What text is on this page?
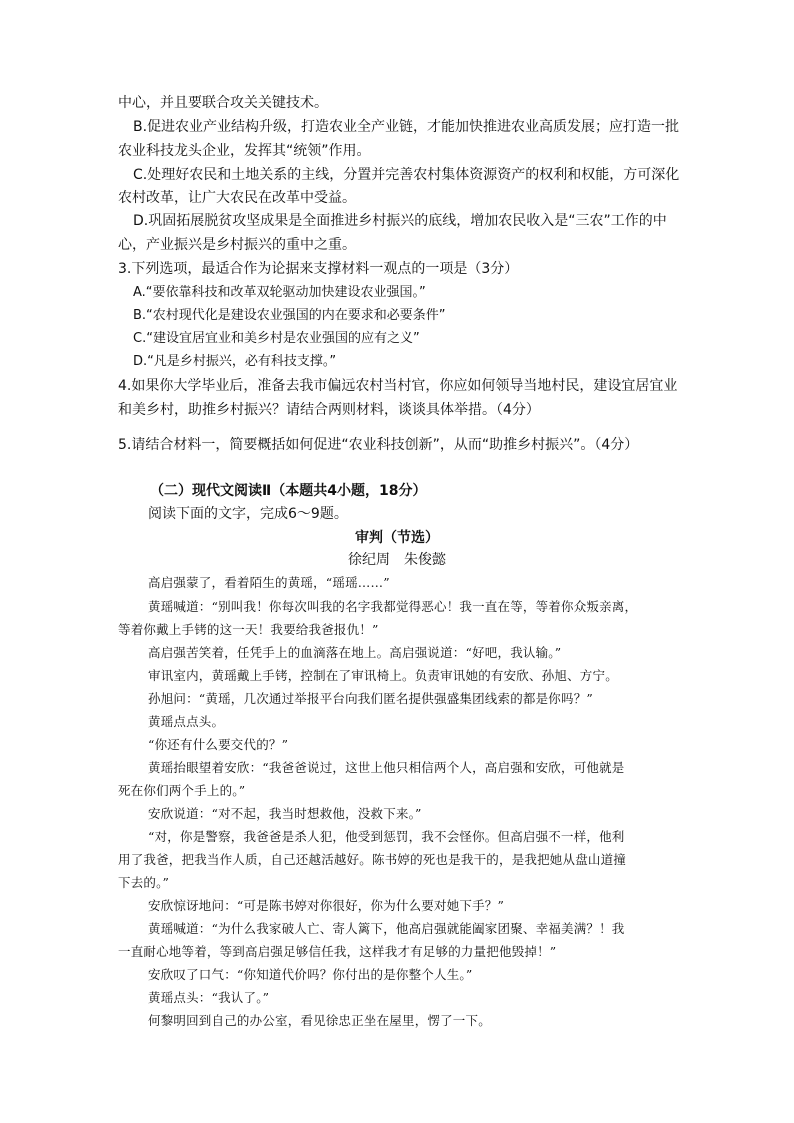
中心，并且要联合攻关关键技术。
B.促进农业产业结构升级，打造农业全产业链，才能加快推进农业高质发展；应打造一批
农业科技龙头企业，发挥其“统领”作用。
C.处理好农民和土地关系的主线，分置并完善农村集体资源资产的权利和权能，方可深化
农村改革，让广大农民在改革中受益。
D.巩固拓展脱贫攻坚成果是全面推进乡村振兴的底线，增加农民收入是“三农”工作的中
心，产业振兴是乡村振兴的重中之重。
3.下列选项，最适合作为论据来支撑材料一观点的一项是（3分）
A.“要依靠科技和改革双轮驱动加快建设农业强国。”
B.“农村现代化是建设农业强国的内在要求和必要条件”
C.“建设宜居宜业和美乡村是农业强国的应有之义”
D.“凡是乡村振兴，必有科技支撑。”
4.如果你大学毕业后，准备去我市偏远农村当村官，你应如何领导当地村民，建设宜居宜业
和美乡村，助推乡村振兴？请结合两则材料，谈谈具体举措。（4分）
5.请结合材料一，简要概括如何促进“农业科技创新”，从而“助推乡村振兴”。（4分）
（二）现代文阅读Ⅱ（本题共4小题，18分）
阅读下面的文字，完成6～9题。
审判（节选）
徐纪周　朱俊懿
高启强蒙了，看着陌生的黄瑶，“瑶瑶……”
黄瑶喊道：“别叫我！你每次叫我的名字我都觉得恶心！我一直在等，等着你众叛亲离，
等着你戴上手铐的这一天！我要给我爸报仇！”
高启强苦笑着，任凭手上的血滴落在地上。高启强说道：“好吧，我认输。”
审讯室内，黄瑶戴上手铐，控制在了审讯椅上。负责审讯她的有安欣、孙旭、方宁。
孙旭问：“黄瑶，几次通过举报平台向我们匿名提供强盛集团线索的都是你吗？”
黄瑶点点头。
“你还有什么要交代的？”
黄瑶抬眼望着安欣：“我爸爸说过，这世上他只相信两个人，高启强和安欣，可他就是
死在你们两个手上的。”
安欣说道：“对不起，我当时想救他，没救下来。”
“对，你是警察，我爸爸是杀人犯，他受到惩罚，我不会怪你。但高启强不一样，他利
用了我爸，把我当作人质，自己还越活越好。陈书婷的死也是我干的，是我把她从盘山道撞
下去的。”
安欣惊讶地问：“可是陈书婷对你很好，你为什么要对她下手？”
黄瑶喊道：“为什么我家破人亡、寄人篱下，他高启强就能阖家团聚、幸福美满？！我
一直耐心地等着，等到高启强足够信任我，这样我才有足够的力量把他毁掉！”
安欣叹了口气：“你知道代价吗？你付出的是你整个人生。”
黄瑶点头：“我认了。”
何黎明回到自己的办公室，看见徐忠正坐在屋里，愣了一下。
